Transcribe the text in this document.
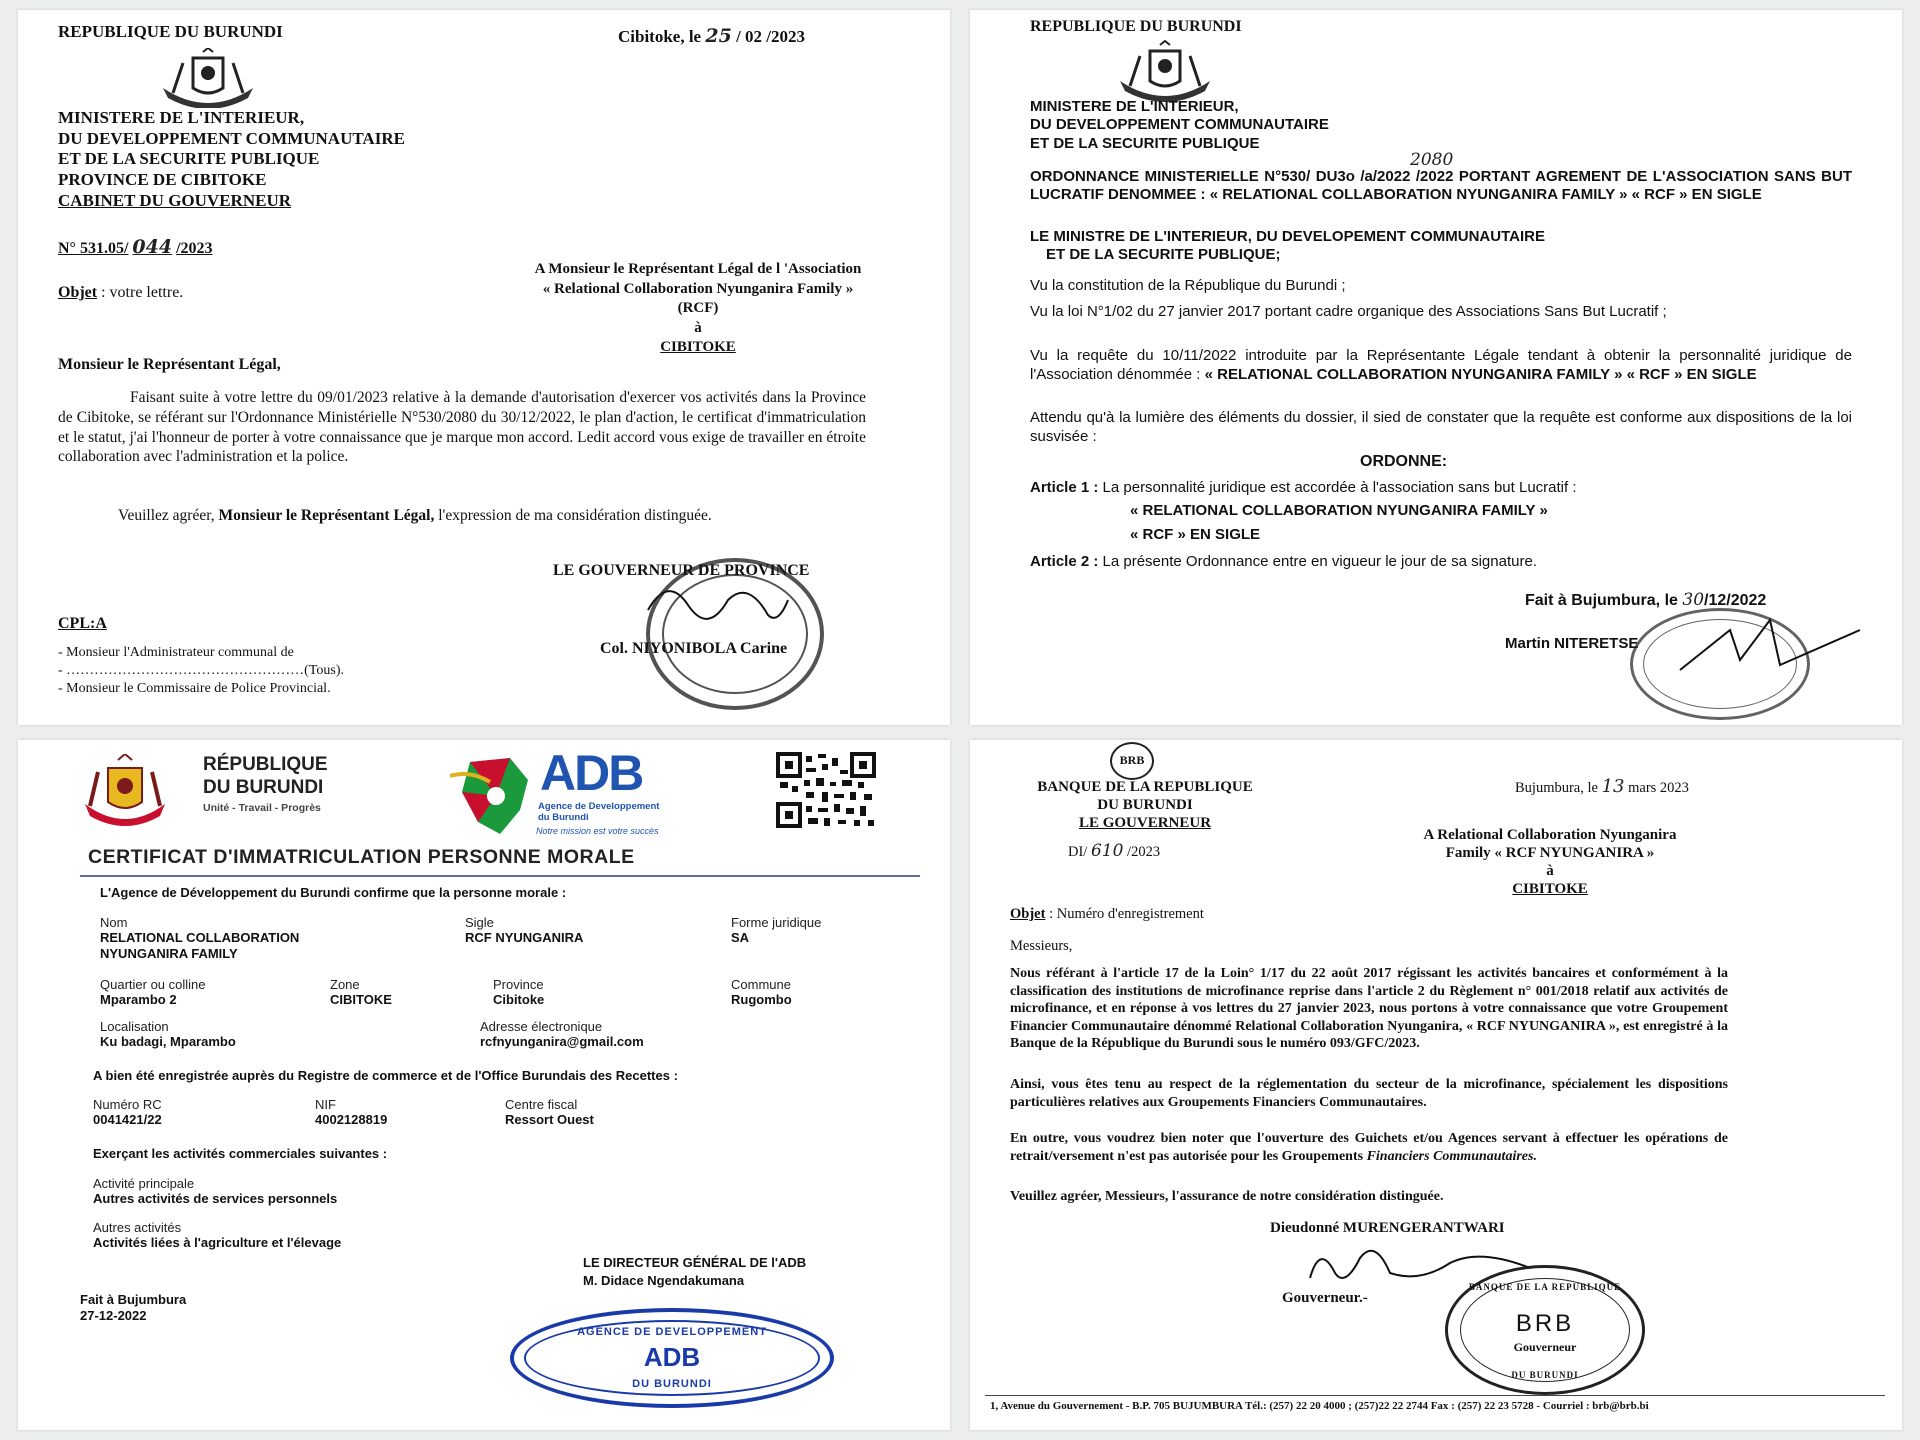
REPUBLIQUE DU BURUNDI	Cibitoke, le 25 / 02 /2023
MINISTERE DE L'INTERIEUR,
DU DEVELOPPEMENT COMMUNAUTAIRE
ET DE LA SECURITE PUBLIQUE
PROVINCE DE CIBITOKE
CABINET DU GOUVERNEUR
N° 531.05/ 044 /2023
A Monsieur le Représentant Légal de l 'Association
« Relational Collaboration Nyunganira Family »
(RCF)
à
CIBITOKE
Objet : votre lettre.
Monsieur le Représentant Légal,
Faisant suite à votre lettre du 09/01/2023 relative à la demande d'autorisation d'exercer vos activités dans la Province de Cibitoke, se référant sur l'Ordonnance Ministérielle N°530/2080 du 30/12/2022, le plan d'action, le certificat d'immatriculation et le statut, j'ai l'honneur de porter à votre connaissance que je marque mon accord. Ledit accord vous exige de travailler en étroite collaboration avec l'administration et la police.
Veuillez agréer, Monsieur le Représentant Légal, l'expression de ma considération distinguée.
LE GOUVERNEUR DE PROVINCE
Col. NIYONIBOLA Carine
CPL:A
- Monsieur l'Administrateur communal de
- ……………………………………………(Tous).
- Monsieur le Commissaire de Police Provincial.
REPUBLIQUE DU BURUNDI
MINISTERE DE L'INTERIEUR,
DU DEVELOPPEMENT COMMUNAUTAIRE
ET DE LA SECURITE PUBLIQUE
2080
ORDONNANCE MINISTERIELLE N°530/ DU3o /a/2022 /2022 PORTANT AGREMENT DE L'ASSOCIATION SANS BUT LUCRATIF DENOMMEE : « RELATIONAL COLLABORATION NYUNGANIRA FAMILY » « RCF » EN SIGLE
LE MINISTRE DE L'INTERIEUR, DU DEVELOPEMENT COMMUNAUTAIRE
ET DE LA SECURITE PUBLIQUE;
Vu la constitution de la République du Burundi ;
Vu la loi N°1/02 du 27 janvier 2017 portant cadre organique des Associations Sans But Lucratif ;
Vu la requête du 10/11/2022 introduite par la Représentante Légale tendant à obtenir la personnalité juridique de l'Association dénommée : « RELATIONAL COLLABORATION NYUNGANIRA FAMILY » « RCF » EN SIGLE
Attendu qu'à la lumière des éléments du dossier, il sied de constater que la requête est conforme aux dispositions de la loi susvisée :
ORDONNE:
Article 1 : La personnalité juridique est accordée à l'association sans but Lucratif :
« RELATIONAL COLLABORATION NYUNGANIRA FAMILY »
« RCF » EN SIGLE
Article 2 : La présente Ordonnance entre en vigueur le jour de sa signature.
Fait à Bujumbura, le 30/12/2022
Martin NITERETSE
RÉPUBLIQUE
DU BURUNDI
Unité - Travail - Progrès
ADB
Agence de Developpement
du Burundi
Notre mission est votre succès
CERTIFICAT D'IMMATRICULATION PERSONNE MORALE
L'Agence de Développement du Burundi confirme que la personne morale :
Nom
RELATIONAL COLLABORATION
NYUNGANIRA FAMILY
Sigle
RCF NYUNGANIRA
Forme juridique
SA
Quartier ou colline
Mparambo 2
Zone
CIBITOKE
Province
Cibitoke
Commune
Rugombo
Localisation
Ku badagi, Mparambo
Adresse électronique
rcfnyunganira@gmail.com
A bien été enregistrée auprès du Registre de commerce et de l'Office Burundais des Recettes :
Numéro RC
0041421/22
NIF
4002128819
Centre fiscal
Ressort Ouest
Exerçant les activités commerciales suivantes :
Activité principale
Autres activités de services personnels
Autres activités
Activités liées à l'agriculture et l'élevage
LE DIRECTEUR GÉNÉRAL DE l'ADB
M. Didace Ngendakumana
Fait à Bujumbura
27-12-2022
AGENCE DE DEVELOPPEMENT
ADB
DU BURUNDI
BRB
BANQUE DE LA REPUBLIQUE
DU BURUNDI
LE GOUVERNEUR
DI/ 610 /2023
Bujumbura, le 13 mars 2023
A Relational Collaboration Nyunganira
Family « RCF NYUNGANIRA »
à
CIBITOKE
Objet : Numéro d'enregistrement
Messieurs,
Nous référant à l'article 17 de la Loin° 1/17 du 22 août 2017 régissant les activités bancaires et conformément à la classification des institutions de microfinance reprise dans l'article 2 du Règlement n° 001/2018 relatif aux activités de microfinance, et en réponse à vos lettres du 27 janvier 2023, nous portons à votre connaissance que votre Groupement Financier Communautaire dénommé Relational Collaboration Nyunganira, « RCF NYUNGANIRA », est enregistré à la Banque de la République du Burundi sous le numéro 093/GFC/2023.
Ainsi, vous êtes tenu au respect de la réglementation du secteur de la microfinance, spécialement les dispositions particulières relatives aux Groupements Financiers Communautaires.
En outre, vous voudrez bien noter que l'ouverture des Guichets et/ou Agences servant à effectuer les opérations de retrait/versement n'est pas autorisée pour les Groupements Financiers Communautaires.
Veuillez agréer, Messieurs, l'assurance de notre considération distinguée.
Dieudonné MURENGERANTWARI
Gouverneur.-
BANQUE DE LA REPUBLIQUE
BRB
Gouverneur
DU BURUNDI
1, Avenue du Gouvernement - B.P. 705 BUJUMBURA Tél.: (257) 22 20 4000 ; (257)22 22 2744 Fax : (257) 22 23 5728 - Courriel : brb@brb.bi
